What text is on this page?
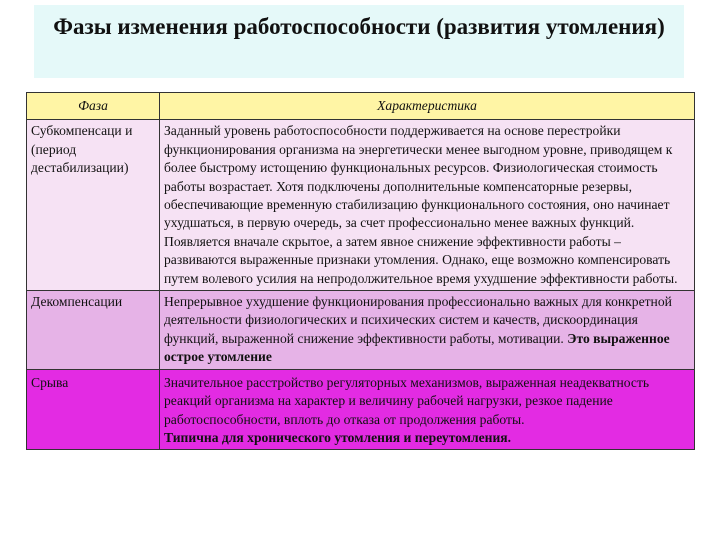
Фазы изменения работоспособности (развития утомления)
Фаза	Характеристика
Субкомпенсаци и (период дестабилизации)	Заданный уровень работоспособности поддерживается на основе перестройки функционирования организма на энергетически менее выгодном уровне, приводящем к более быстрому истощению функциональных ресурсов. Физиологическая стоимость работы возрастает. Хотя подключены дополнительные компенсаторные резервы, обеспечивающие временную стабилизацию функционального состояния, оно начинает ухудшаться, в первую очередь, за счет профессионально менее важных функций. Появляется вначале скрытое, а затем явное снижение эффективности работы – развиваются выраженные признаки утомления. Однако, еще возможно компенсировать путем волевого усилия на непродолжительное время ухудшение эффективности работы.
Декомпенсации	Непрерывное ухудшение функционирования профессионально важных для конкретной деятельности физиологических и психических систем и качеств, дискоординация функций, выраженной снижение эффективности работы, мотивации. Это выраженное острое утомление
Срыва	Значительное расстройство регуляторных механизмов, выраженная неадекватность реакций организма на характер и величину рабочей нагрузки, резкое падение работоспособности, вплоть до отказа от продолжения работы.
Типична для хронического утомления и переутомления.
